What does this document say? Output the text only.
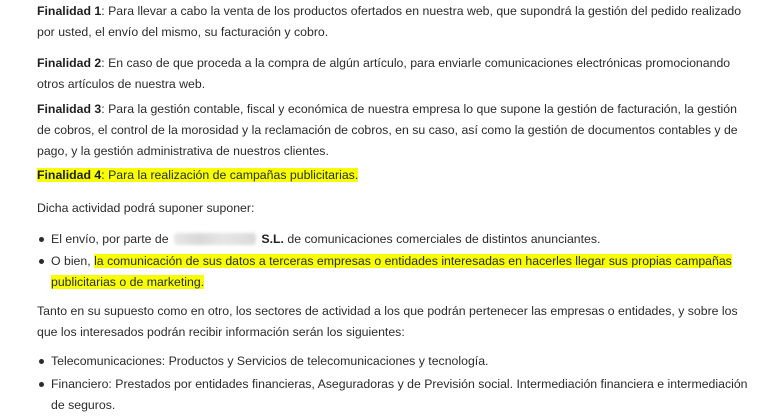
Finalidad 1: Para llevar a cabo la venta de los productos ofertados en nuestra web, que supondrá la gestión del pedido realizado por usted, el envío del mismo, su facturación y cobro.

Finalidad 2: En caso de que proceda a la compra de algún artículo, para enviarle comunicaciones electrónicas promocionando otros artículos de nuestra web.

Finalidad 3: Para la gestión contable, fiscal y económica de nuestra empresa lo que supone la gestión de facturación, la gestión de cobros, el control de la morosidad y la reclamación de cobros, en su caso, así como la gestión de documentos contables y de pago, y la gestión administrativa de nuestros clientes.

Finalidad 4: Para la realización de campañas publicitarias.

Dicha actividad podrá suponer suponer:

El envío, por parte de	S.L. de comunicaciones comerciales de distintos anunciantes.
O bien, la comunicación de sus datos a terceras empresas o entidades interesadas en hacerles llegar sus propias campañas publicitarias o de marketing.

Tanto en su supuesto como en otro, los sectores de actividad a los que podrán pertenecer las empresas o entidades, y sobre los que los interesados podrán recibir información serán los siguientes:

Telecomunicaciones: Productos y Servicios de telecomunicaciones y tecnología.
Financiero: Prestados por entidades financieras, Aseguradoras y de Previsión social. Intermediación financiera e intermediación de seguros.
